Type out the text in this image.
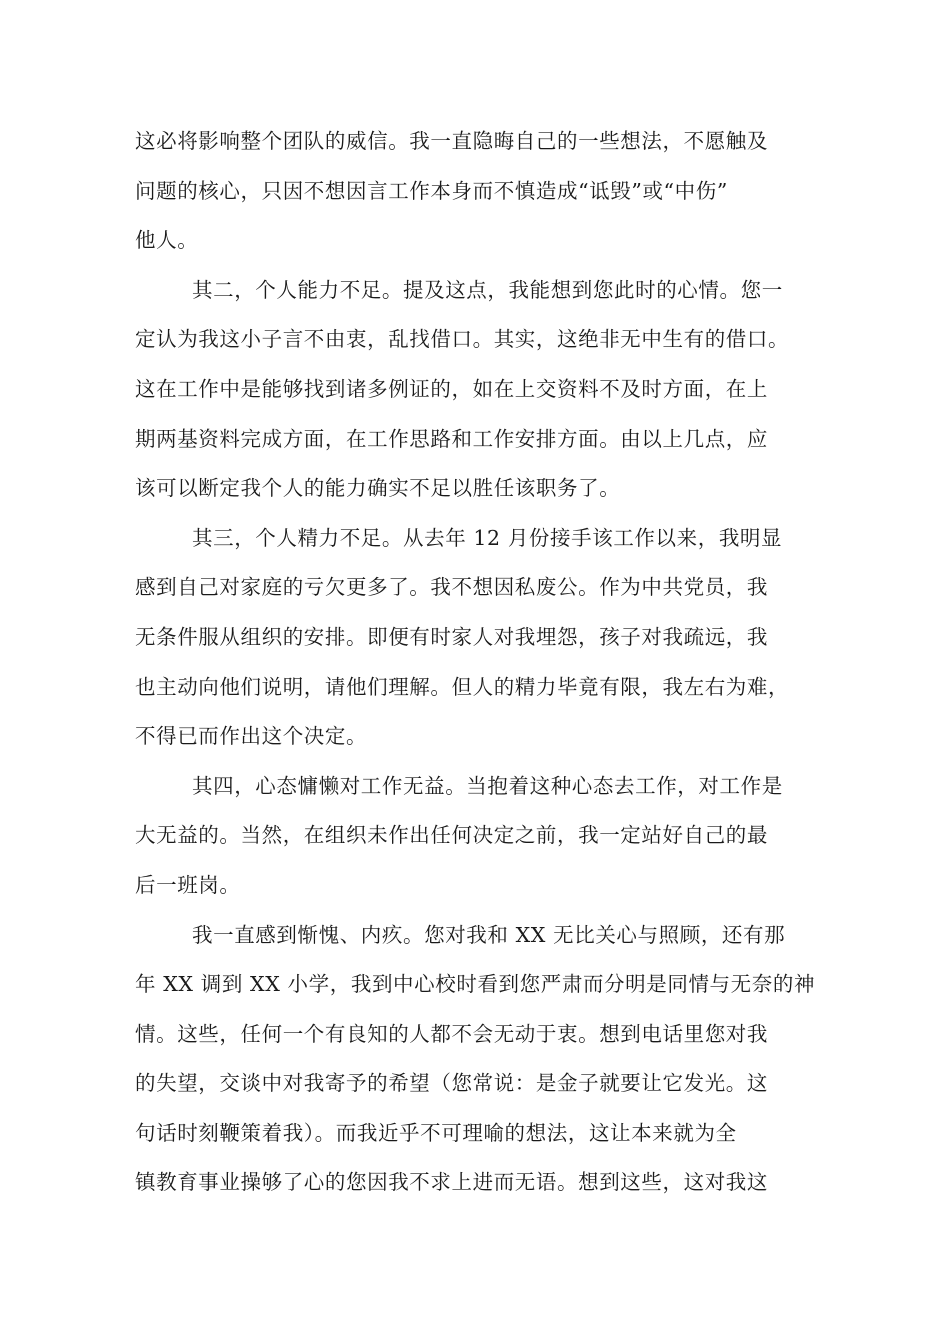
这必将影响整个团队的威信。我一直隐晦自己的一些想法，不愿触及
问题的核心，只因不想因言工作本身而不慎造成“诋毁”或“中伤”
他人。
其二，个人能力不足。提及这点，我能想到您此时的心情。您一
定认为我这小子言不由衷，乱找借口。其实，这绝非无中生有的借口。
这在工作中是能够找到诸多例证的，如在上交资料不及时方面，在上
期两基资料完成方面，在工作思路和工作安排方面。由以上几点，应
该可以断定我个人的能力确实不足以胜任该职务了。
其三，个人精力不足。从去年 12 月份接手该工作以来，我明显
感到自己对家庭的亏欠更多了。我不想因私废公。作为中共党员，我
无条件服从组织的安排。即便有时家人对我埋怨，孩子对我疏远，我
也主动向他们说明，请他们理解。但人的精力毕竟有限，我左右为难，
不得已而作出这个决定。
其四，心态慵懒对工作无益。当抱着这种心态去工作，对工作是
大无益的。当然，在组织未作出任何决定之前，我一定站好自己的最
后一班岗。
我一直感到惭愧、内疚。您对我和 XX 无比关心与照顾，还有那
年 XX 调到 XX 小学，我到中心校时看到您严肃而分明是同情与无奈的神
情。这些，任何一个有良知的人都不会无动于衷。想到电话里您对我
的失望，交谈中对我寄予的希望（您常说：是金子就要让它发光。这
句话时刻鞭策着我）。而我近乎不可理喻的想法，这让本来就为全
镇教育事业操够了心的您因我不求上进而无语。想到这些，这对我这
